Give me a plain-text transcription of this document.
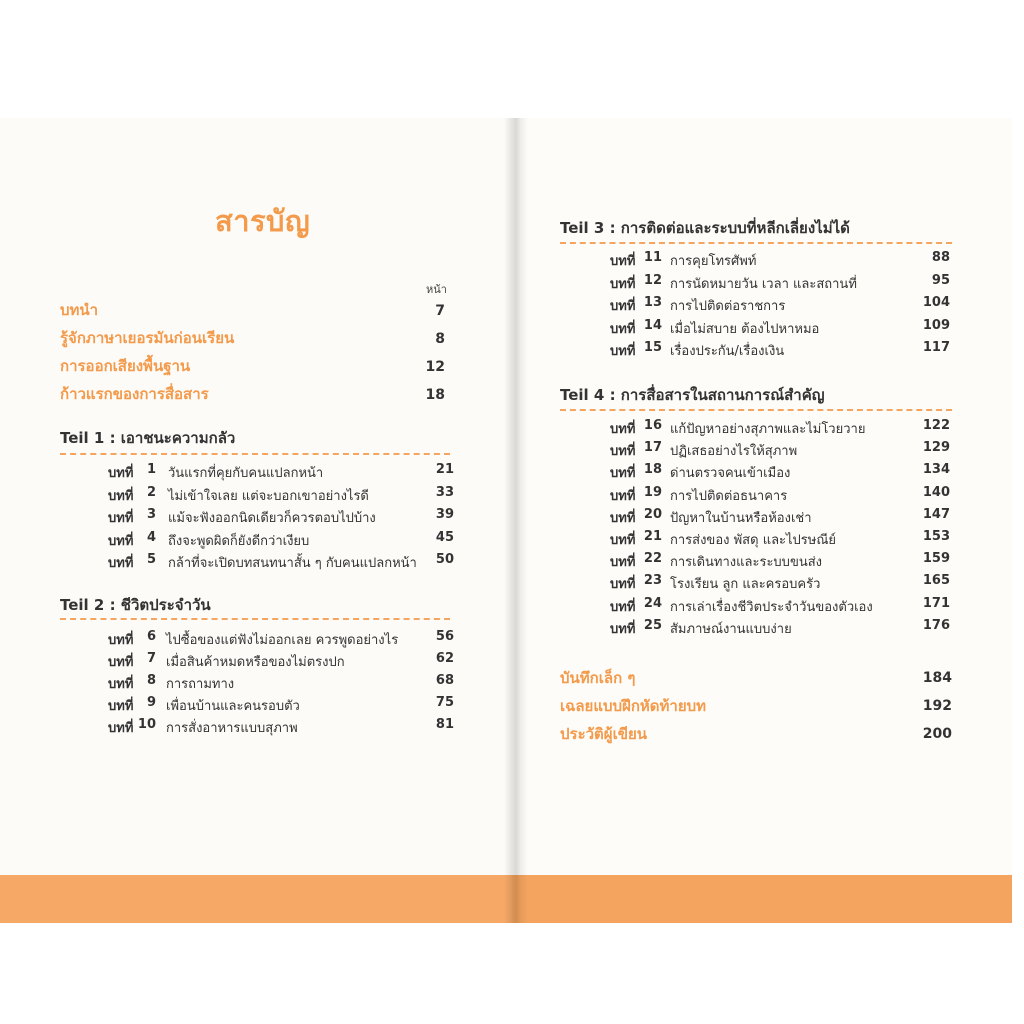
สารบัญ
หน้า
บทนำ	7
รู้จักภาษาเยอรมันก่อนเรียน	8
การออกเสียงพื้นฐาน	12
ก้าวแรกของการสื่อสาร	18
Teil 1 : เอาชนะความกลัว
บทที่	1 วันแรกที่คุยกับคนแปลกหน้า	21
บทที่	2 ไม่เข้าใจเลย แต่จะบอกเขาอย่างไรดี	33
บทที่	3 แม้จะฟังออกนิดเดียวก็ควรตอบไปบ้าง	39
บทที่	4 ถึงจะพูดผิดก็ยังดีกว่าเงียบ	45
บทที่	5 กล้าที่จะเปิดบทสนทนาสั้น ๆ กับคนแปลกหน้า	50
Teil 2 : ชีวิตประจำวัน
บทที่	6 ไปซื้อของแต่ฟังไม่ออกเลย ควรพูดอย่างไร	56
บทที่	7 เมื่อสินค้าหมดหรือของไม่ตรงปก	62
บทที่	8 การถามทาง	68
บทที่	9 เพื่อนบ้านและคนรอบตัว	75
บทที่ 10 การสั่งอาหารแบบสุภาพ	81
Teil 3 : การติดต่อและระบบที่หลีกเลี่ยงไม่ได้
บทที่ 11 การคุยโทรศัพท์	88
บทที่ 12 การนัดหมายวัน เวลา และสถานที่	95
บทที่ 13 การไปติดต่อราชการ	104
บทที่ 14 เมื่อไม่สบาย ต้องไปหาหมอ	109
บทที่ 15 เรื่องประกัน/เรื่องเงิน	117
Teil 4 : การสื่อสารในสถานการณ์สำคัญ
บทที่ 16 แก้ปัญหาอย่างสุภาพและไม่โวยวาย	122
บทที่ 17 ปฏิเสธอย่างไรให้สุภาพ	129
บทที่ 18 ด่านตรวจคนเข้าเมือง	134
บทที่ 19 การไปติดต่อธนาคาร	140
บทที่ 20 ปัญหาในบ้านหรือห้องเช่า	147
บทที่ 21 การส่งของ พัสดุ และไปรษณีย์	153
บทที่ 22 การเดินทางและระบบขนส่ง	159
บทที่ 23 โรงเรียน ลูก และครอบครัว	165
บทที่ 24 การเล่าเรื่องชีวิตประจำวันของตัวเอง	171
บทที่ 25 สัมภาษณ์งานแบบง่าย	176
บันทึกเล็ก ๆ	184
เฉลยแบบฝึกหัดท้ายบท	192
ประวัติผู้เขียน	200
